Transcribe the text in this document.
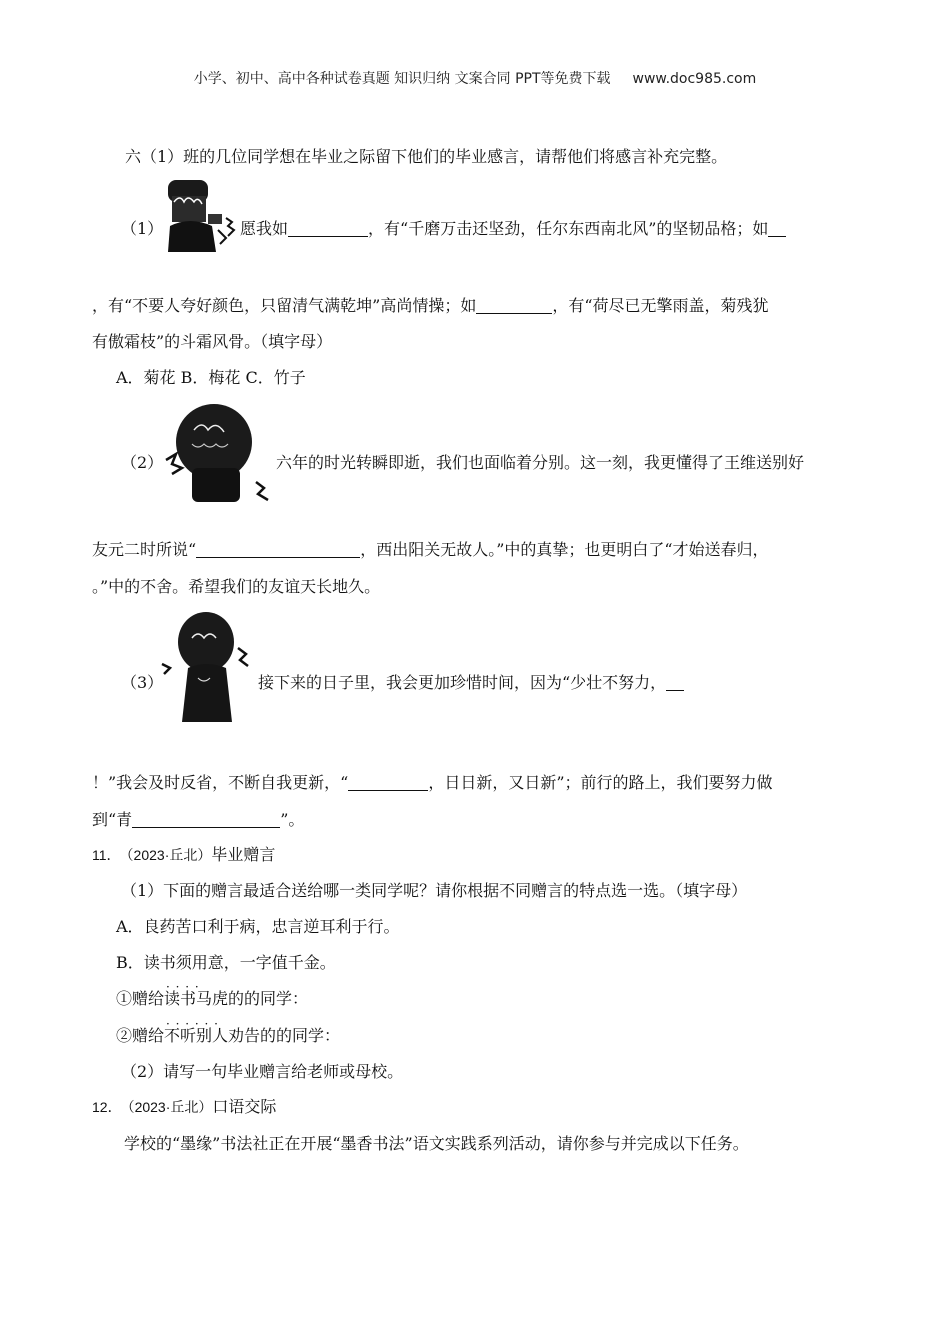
小学、初中、高中各种试卷真题 知识归纳 文案合同 PPT等免费下载 www.doc985.com
六（1）班的几位同学想在毕业之际留下他们的毕业感言，请帮他们将感言补充完整。
（1）	愿我如	，有“千磨万击还坚劲，任尔东西南北风”的坚韧品格；如
，有“不要人夸好颜色，只留清气满乾坤”高尚情操；如	，有“荷尽已无擎雨盖，菊残犹
有傲霜枝”的斗霜风骨。（填字母）
A．菊花 B．梅花 C．竹子
（2）	六年的时光转瞬即逝，我们也面临着分别。这一刻，我更懂得了王维送别好
友元二时所说“	，西出阳关无故人。”中的真挚；也更明白了“才始送春归，
。”中的不舍。希望我们的友谊天长地久。
（3）	接下来的日子里，我会更加珍惜时间，因为“少壮不努力，
！”我会及时反省，不断自我更新，“	，日日新，又日新”；前行的路上，我们要努力做
到“青	”。
11． （2023·丘北）毕业赠言
（1）下面的赠言最适合送给哪一类同学呢？请你根据不同赠言的特点选一选。（填字母）
A．良药苦口利于病，忠言逆耳利于行。
B．读书须用意，一字值千金。
①赠给· · 读书马虎的的同学：
②赠给· · 不听别人劝告的的同学：
（2）请写一句毕业赠言给老师或母校。
12． （2023·丘北）口语交际
学校的“墨缘”书法社正在开展“墨香书法”语文实践系列活动，请你参与并完成以下任务。
